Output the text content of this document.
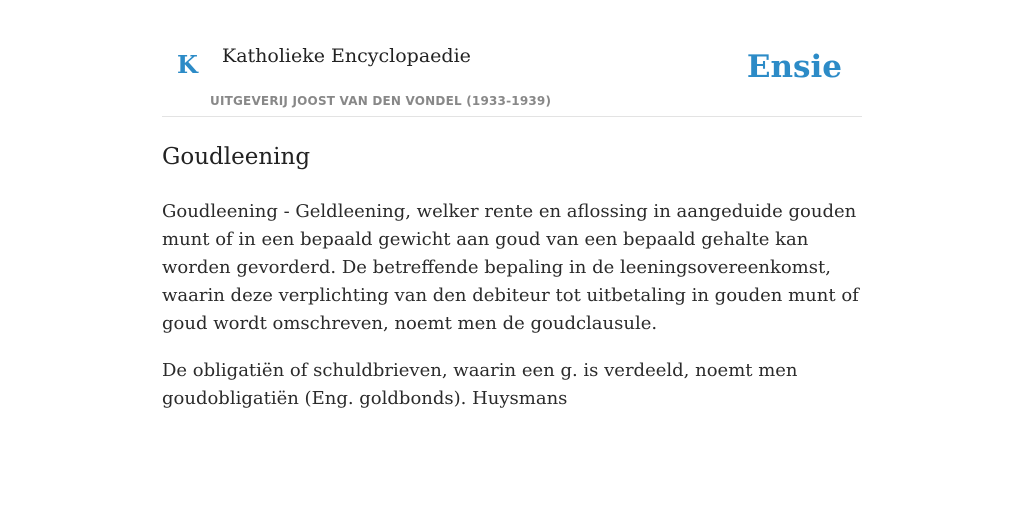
K Katholieke Encyclopaedie
UITGEVERIJ JOOST VAN DEN VONDEL (1933-1939)
Ensie
Goudleening

Goudleening - Geldleening, welker rente en aflossing in aangeduide gouden munt of in een bepaald gewicht aan goud van een bepaald gehalte kan worden gevorderd. De betreffende bepaling in de leeningsovereenkomst, waarin deze verplichting van den debiteur tot uitbetaling in gouden munt of goud wordt omschreven, noemt men de goudclausule.

De obligatiën of schuldbrieven, waarin een g. is verdeeld, noemt men goudobligatiën (Eng. goldbonds). Huysmans
